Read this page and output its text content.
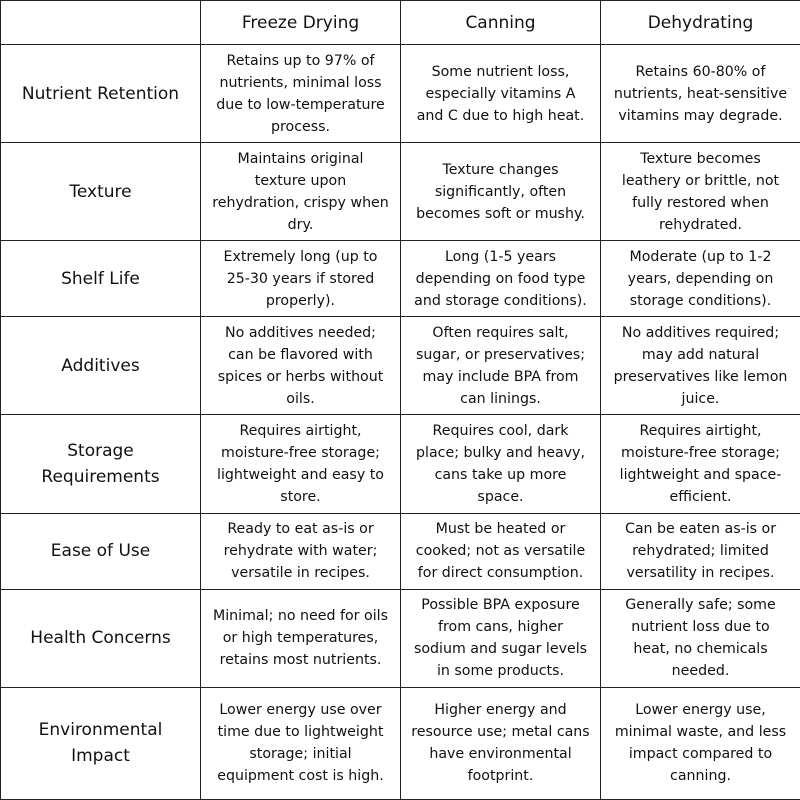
	Freeze Drying	Canning	Dehydrating

Nutrient Retention	Retains up to 97% of
nutrients, minimal loss
due to low-temperature
process.	Some nutrient loss,
especially vitamins A
and C due to high heat.	Retains 60-80% of
nutrients, heat-sensitive
vitamins may degrade.

Texture	Maintains original
texture upon
rehydration, crispy when
dry.	Texture changes
significantly, often
becomes soft or mushy.	Texture becomes
leathery or brittle, not
fully restored when
rehydrated.

Shelf Life	Extremely long (up to
25-30 years if stored
properly).	Long (1-5 years
depending on food type
and storage conditions).	Moderate (up to 1-2
years, depending on
storage conditions).

Additives	No additives needed;
can be flavored with
spices or herbs without
oils.	Often requires salt,
sugar, or preservatives;
may include BPA from
can linings.	No additives required;
may add natural
preservatives like lemon
juice.

Storage
Requirements	Requires airtight,
moisture-free storage;
lightweight and easy to
store.	Requires cool, dark
place; bulky and heavy,
cans take up more
space.	Requires airtight,
moisture-free storage;
lightweight and space-
efficient.

Ease of Use	Ready to eat as-is or
rehydrate with water;
versatile in recipes.	Must be heated or
cooked; not as versatile
for direct consumption.	Can be eaten as-is or
rehydrated; limited
versatility in recipes.

Health Concerns	Minimal; no need for oils
or high temperatures,
retains most nutrients.	Possible BPA exposure
from cans, higher
sodium and sugar levels
in some products.	Generally safe; some
nutrient loss due to
heat, no chemicals
needed.

Environmental
Impact	Lower energy use over
time due to lightweight
storage; initial
equipment cost is high.	Higher energy and
resource use; metal cans
have environmental
footprint.	Lower energy use,
minimal waste, and less
impact compared to
canning.
